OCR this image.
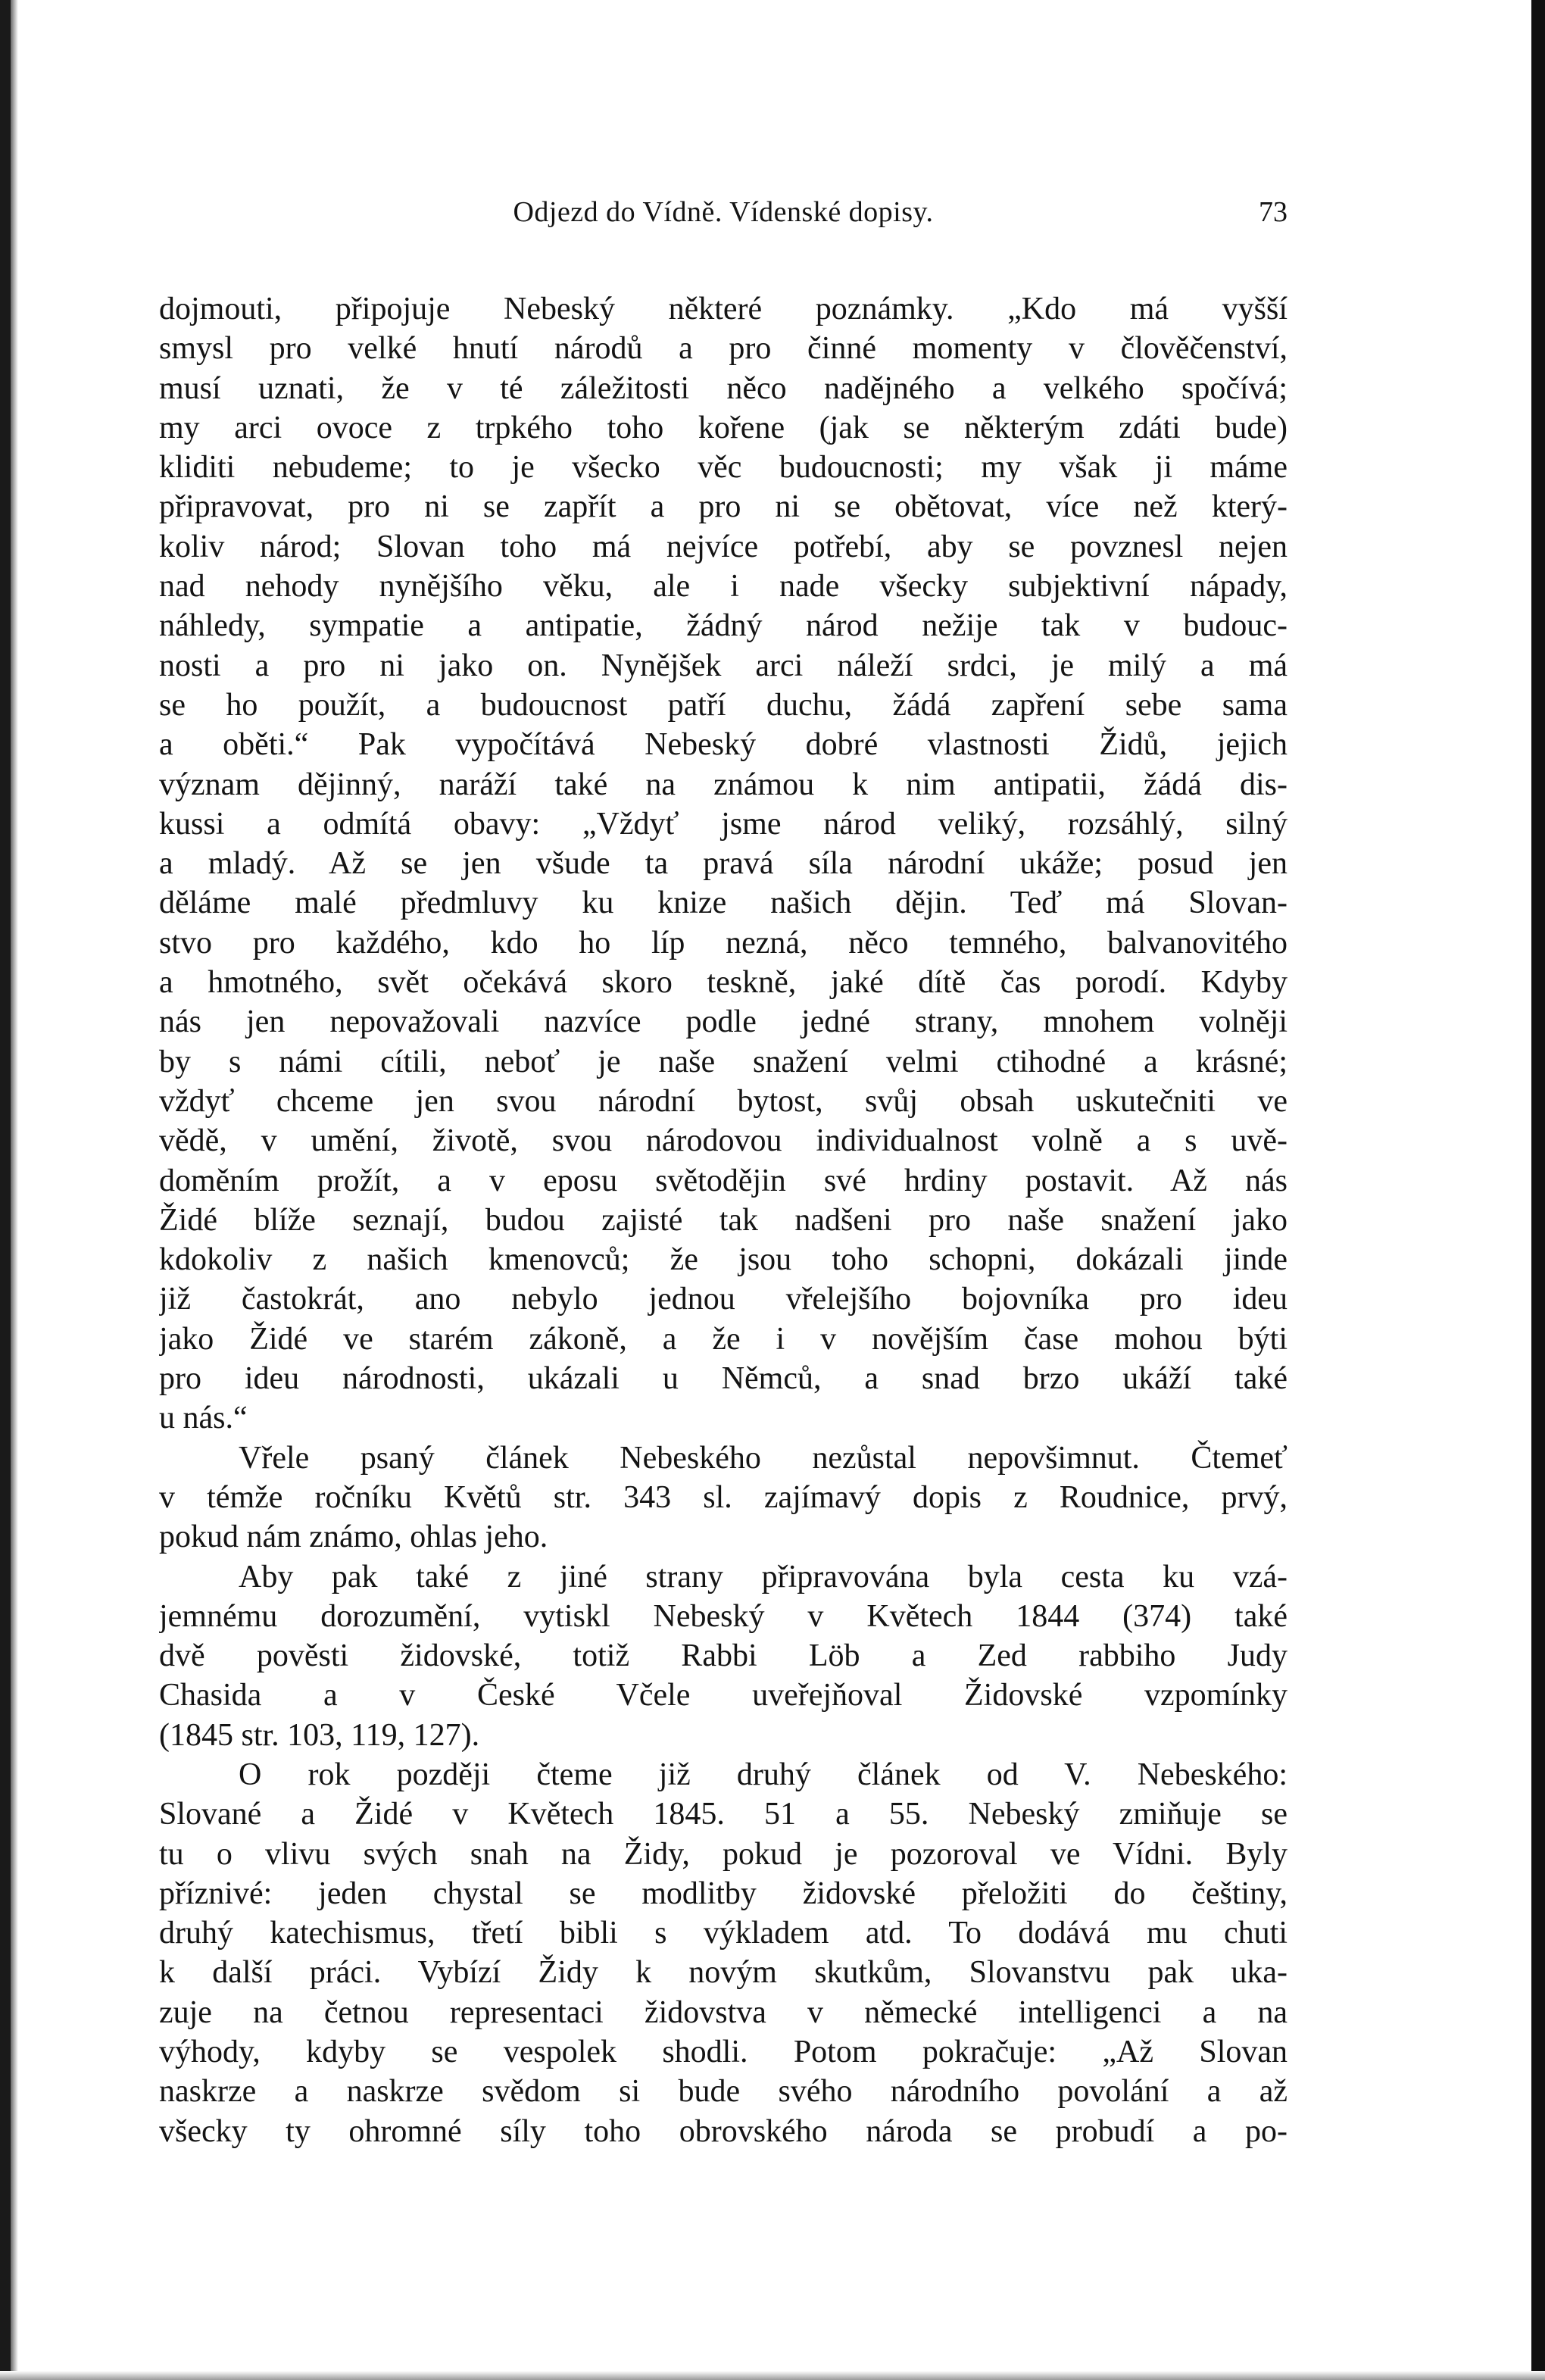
Odjezd do Vídně. Vídenské dopisy.	73
dojmouti, připojuje Nebeský některé poznámky. „Kdo má vyšší
smysl pro velké hnutí národů a pro činné momenty v člověčenství,
musí uznati, že v té záležitosti něco nadějného a velkého spočívá;
my arci ovoce z trpkého toho kořene (jak se některým zdáti bude)
kliditi nebudeme; to je všecko věc budoucnosti; my však ji máme
připravovat, pro ni se zapřít a pro ni se obětovat, více než který-
koliv národ; Slovan toho má nejvíce potřebí, aby se povznesl nejen
nad nehody nynějšího věku, ale i nade všecky subjektivní nápady,
náhledy, sympatie a antipatie, žádný národ nežije tak v budouc-
nosti a pro ni jako on. Nynějšek arci náleží srdci, je milý a má
se ho použít, a budoucnost patří duchu, žádá zapření sebe sama
a oběti.“ Pak vypočítává Nebeský dobré vlastnosti Židů, jejich
význam dějinný, naráží také na známou k nim antipatii, žádá dis-
kussi a odmítá obavy: „Vždyť jsme národ veliký, rozsáhlý, silný
a mladý. Až se jen všude ta pravá síla národní ukáže; posud jen
děláme malé předmluvy ku knize našich dějin. Teď má Slovan-
stvo pro každého, kdo ho líp nezná, něco temného, balvanovitého
a hmotného, svět očekává skoro teskně, jaké dítě čas porodí. Kdyby
nás jen nepovažovali nazvíce podle jedné strany, mnohem volněji
by s námi cítili, neboť je naše snažení velmi ctihodné a krásné;
vždyť chceme jen svou národní bytost, svůj obsah uskutečniti ve
vědě, v umění, životě, svou národovou individualnost volně a s uvě-
doměním prožít, a v eposu světodějin své hrdiny postavit. Až nás
Židé blíže seznají, budou zajisté tak nadšeni pro naše snažení jako
kdokoliv z našich kmenovců; že jsou toho schopni, dokázali jinde
již častokrát, ano nebylo jednou vřelejšího bojovníka pro ideu
jako Židé ve starém zákoně, a že i v novějším čase mohou býti
pro ideu národnosti, ukázali u Němců, a snad brzo ukáží také
u nás.“
Vřele psaný článek Nebeského nezůstal nepovšimnut. Čtemeť
v témže ročníku Květů str. 343 sl. zajímavý dopis z Roudnice, prvý,
pokud nám známo, ohlas jeho.
Aby pak také z jiné strany připravována byla cesta ku vzá-
jemnému dorozumění, vytiskl Nebeský v Květech 1844 (374) také
dvě pověsti židovské, totiž Rabbi Löb a Zed rabbiho Judy
Chasida a v České Včele uveřejňoval Židovské vzpomínky
(1845 str. 103, 119, 127).
O rok později čteme již druhý článek od V. Nebeského:
Slované a Židé v Květech 1845. 51 a 55. Nebeský zmiňuje se
tu o vlivu svých snah na Židy, pokud je pozoroval ve Vídni. Byly
příznivé: jeden chystal se modlitby židovské přeložiti do češtiny,
druhý katechismus, třetí bibli s výkladem atd. To dodává mu chuti
k další práci. Vybízí Židy k novým skutkům, Slovanstvu pak uka-
zuje na četnou representaci židovstva v německé intelligenci a na
výhody, kdyby se vespolek shodli. Potom pokračuje: „Až Slovan
naskrze a naskrze svědom si bude svého národního povolání a až
všecky ty ohromné síly toho obrovského národa se probudí a po-
